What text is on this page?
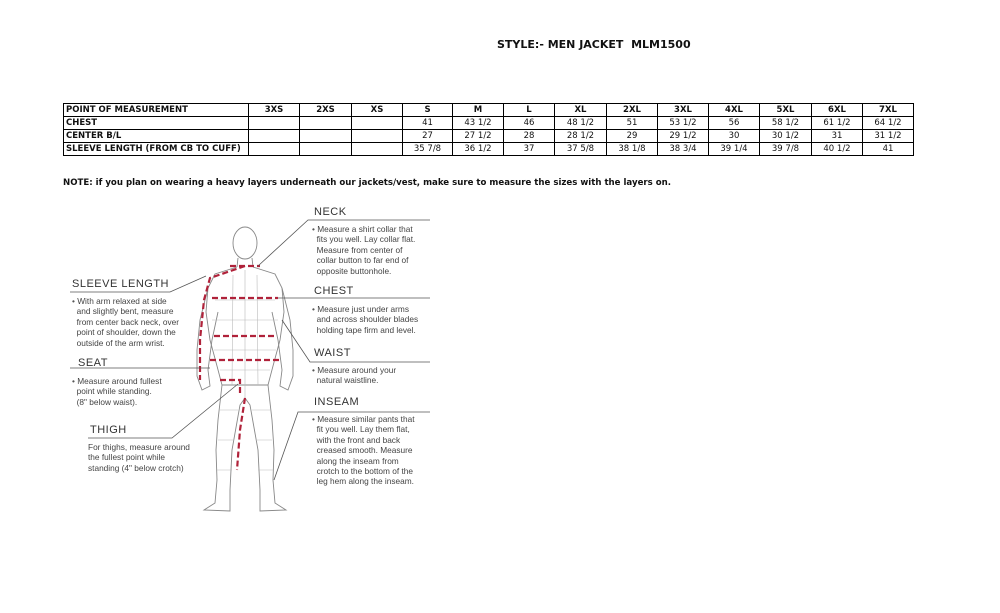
STYLE:- MEN JACKET  MLM1500
POINT OF MEASUREMENT	3XS	2XS	XS	S	M	L	XL	2XL	3XL	4XL	5XL	6XL	7XL
CHEST				41	43 1/2	46	48 1/2	51	53 1/2	56	58 1/2	61 1/2	64 1/2
CENTER B/L				27	27 1/2	28	28 1/2	29	29 1/2	30	30 1/2	31	31 1/2
SLEEVE LENGTH (FROM CB TO CUFF)				35 7/8	36 1/2	37	37 5/8	38 1/8	38 3/4	39 1/4	39 7/8	40 1/2	41
NOTE: if you plan on wearing a heavy layers underneath our jackets/vest, make sure to measure the sizes with the layers on.
NECK
• Measure a shirt collar that
fits you well. Lay collar flat.
Measure from center of
collar button to far end of
opposite buttonhole.
CHEST
• Measure just under arms
and across shoulder blades
holding tape firm and level.
WAIST
• Measure around your
natural waistline.
INSEAM
• Measure similar pants that
fit you well. Lay them flat,
with the front and back
creased smooth. Measure
along the inseam from
crotch to the bottom of the
leg hem along the inseam.
SLEEVE LENGTH
• With arm relaxed at side
and slightly bent, measure
from center back neck, over
point of shoulder, down the
outside of the arm wrist.
SEAT
• Measure around fullest
point while standing.
(8" below waist).
THIGH
For thighs, measure around
the fullest point while
standing (4" below crotch)
